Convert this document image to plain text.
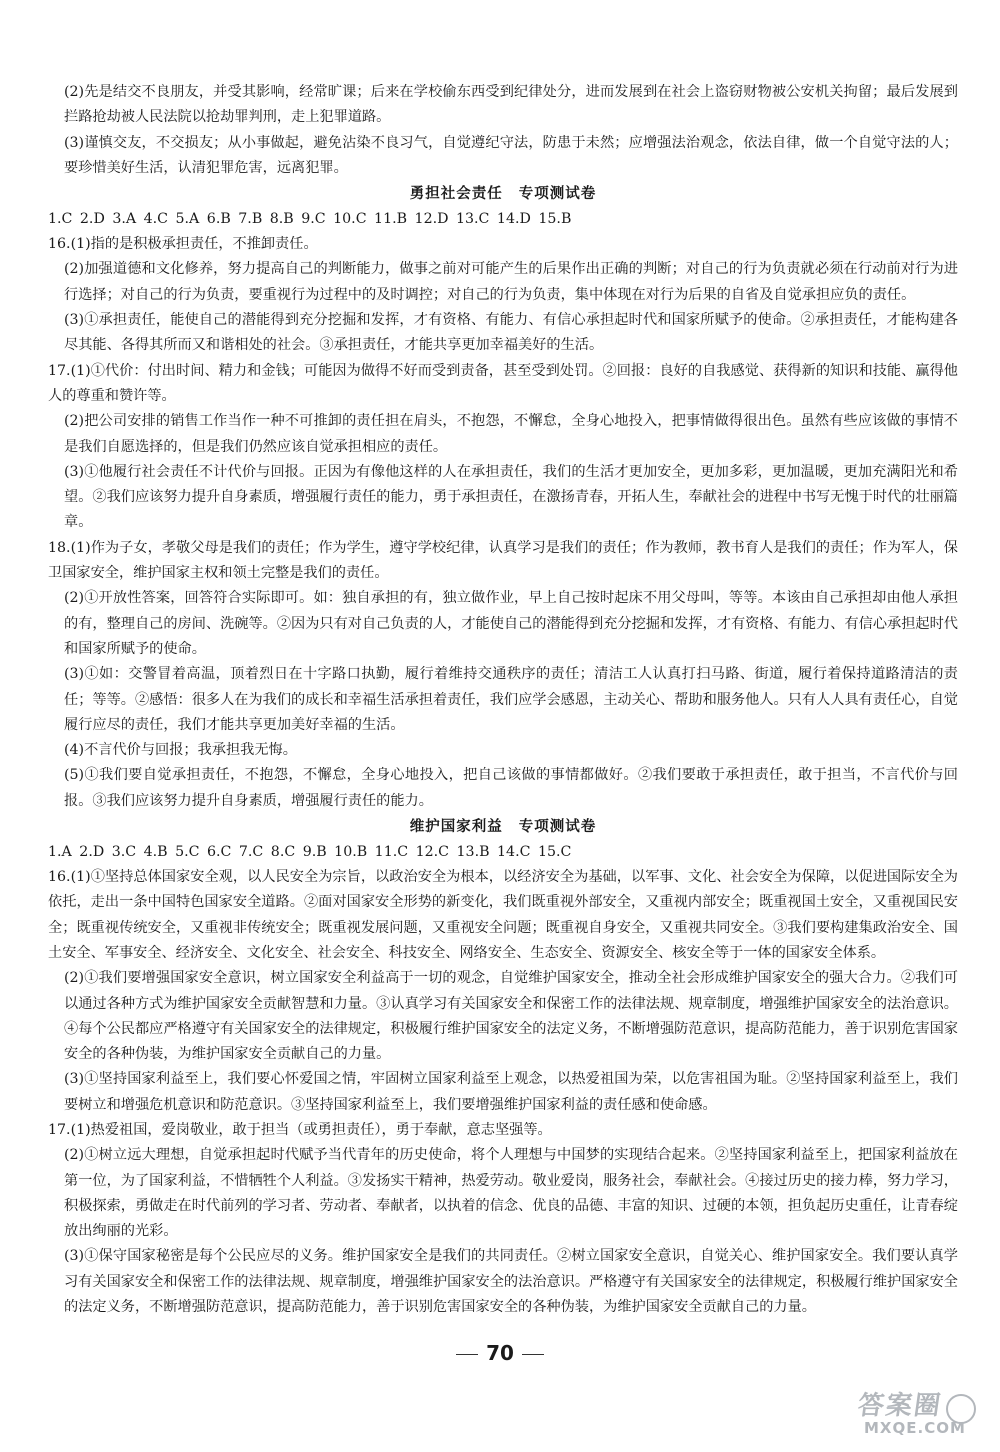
(2)先是结交不良朋友，并受其影响，经常旷课；后来在学校偷东西受到纪律处分，进而发展到在社会上盗窃财物被公安机关拘留；最后发展到拦路抢劫被人民法院以抢劫罪判刑，走上犯罪道路。

(3)谨慎交友，不交损友；从小事做起，避免沾染不良习气，自觉遵纪守法，防患于未然；应增强法治观念，依法自律，做一个自觉守法的人；要珍惜美好生活，认清犯罪危害，远离犯罪。

勇担社会责任 专项测试卷

1.C 2.D 3.A 4.C 5.A 6.B 7.B 8.B 9.C 10.C 11.B 12.D 13.C 14.D 15.B

16.(1)指的是积极承担责任，不推卸责任。

(2)加强道德和文化修养，努力提高自己的判断能力，做事之前对可能产生的后果作出正确的判断；对自己的行为负责就必须在行动前对行为进行选择；对自己的行为负责，要重视行为过程中的及时调控；对自己的行为负责，集中体现在对行为后果的自省及自觉承担应负的责任。

(3)①承担责任，能使自己的潜能得到充分挖掘和发挥，才有资格、有能力、有信心承担起时代和国家所赋予的使命。②承担责任，才能构建各尽其能、各得其所而又和谐相处的社会。③承担责任，才能共享更加幸福美好的生活。

17.(1)①代价：付出时间、精力和金钱；可能因为做得不好而受到责备，甚至受到处罚。②回报：良好的自我感觉、获得新的知识和技能、赢得他人的尊重和赞许等。

(2)把公司安排的销售工作当作一种不可推卸的责任担在肩头，不抱怨，不懈怠，全身心地投入，把事情做得很出色。虽然有些应该做的事情不是我们自愿选择的，但是我们仍然应该自觉承担相应的责任。

(3)①他履行社会责任不计代价与回报。正因为有像他这样的人在承担责任，我们的生活才更加安全，更加多彩，更加温暖，更加充满阳光和希望。②我们应该努力提升自身素质，增强履行责任的能力，勇于承担责任，在激扬青春，开拓人生，奉献社会的进程中书写无愧于时代的壮丽篇章。

18.(1)作为子女，孝敬父母是我们的责任；作为学生，遵守学校纪律，认真学习是我们的责任；作为教师，教书育人是我们的责任；作为军人，保卫国家安全，维护国家主权和领土完整是我们的责任。

(2)①开放性答案，回答符合实际即可。如：独自承担的有，独立做作业，早上自己按时起床不用父母叫，等等。本该由自己承担却由他人承担的有，整理自己的房间、洗碗等。②因为只有对自己负责的人，才能使自己的潜能得到充分挖掘和发挥，才有资格、有能力、有信心承担起时代和国家所赋予的使命。

(3)①如：交警冒着高温，顶着烈日在十字路口执勤，履行着维持交通秩序的责任；清洁工人认真打扫马路、街道，履行着保持道路清洁的责任；等等。②感悟：很多人在为我们的成长和幸福生活承担着责任，我们应学会感恩，主动关心、帮助和服务他人。只有人人具有责任心，自觉履行应尽的责任，我们才能共享更加美好幸福的生活。

(4)不言代价与回报；我承担我无悔。

(5)①我们要自觉承担责任，不抱怨，不懈怠，全身心地投入，把自己该做的事情都做好。②我们要敢于承担责任，敢于担当，不言代价与回报。③我们应该努力提升自身素质，增强履行责任的能力。

维护国家利益 专项测试卷

1.A 2.D 3.C 4.B 5.C 6.C 7.C 8.C 9.B 10.B 11.C 12.C 13.B 14.C 15.C

16.(1)①坚持总体国家安全观，以人民安全为宗旨，以政治安全为根本，以经济安全为基础，以军事、文化、社会安全为保障，以促进国际安全为依托，走出一条中国特色国家安全道路。②面对国家安全形势的新变化，我们既重视外部安全，又重视内部安全；既重视国土安全，又重视国民安全；既重视传统安全，又重视非传统安全；既重视发展问题，又重视安全问题；既重视自身安全，又重视共同安全。③我们要构建集政治安全、国土安全、军事安全、经济安全、文化安全、社会安全、科技安全、网络安全、生态安全、资源安全、核安全等于一体的国家安全体系。

(2)①我们要增强国家安全意识，树立国家安全利益高于一切的观念，自觉维护国家安全，推动全社会形成维护国家安全的强大合力。②我们可以通过各种方式为维护国家安全贡献智慧和力量。③认真学习有关国家安全和保密工作的法律法规、规章制度，增强维护国家安全的法治意识。④每个公民都应严格遵守有关国家安全的法律规定，积极履行维护国家安全的法定义务，不断增强防范意识，提高防范能力，善于识别危害国家安全的各种伪装，为维护国家安全贡献自己的力量。

(3)①坚持国家利益至上，我们要心怀爱国之情，牢固树立国家利益至上观念，以热爱祖国为荣，以危害祖国为耻。②坚持国家利益至上，我们要树立和增强危机意识和防范意识。③坚持国家利益至上，我们要增强维护国家利益的责任感和使命感。

17.(1)热爱祖国，爱岗敬业，敢于担当（或勇担责任），勇于奉献，意志坚强等。

(2)①树立远大理想，自觉承担起时代赋予当代青年的历史使命，将个人理想与中国梦的实现结合起来。②坚持国家利益至上，把国家利益放在第一位，为了国家利益，不惜牺牲个人利益。③发扬实干精神，热爱劳动。敬业爱岗，服务社会，奉献社会。④接过历史的接力棒，努力学习，积极探索，勇做走在时代前列的学习者、劳动者、奉献者，以执着的信念、优良的品德、丰富的知识、过硬的本领，担负起历史重任，让青春绽放出绚丽的光彩。

(3)①保守国家秘密是每个公民应尽的义务。维护国家安全是我们的共同责任。②树立国家安全意识，自觉关心、维护国家安全。我们要认真学习有关国家安全和保密工作的法律法规、规章制度，增强维护国家安全的法治意识。严格遵守有关国家安全的法律规定，积极履行维护国家安全的法定义务，不断增强防范意识，提高防范能力，善于识别危害国家安全的各种伪装，为维护国家安全贡献自己的力量。

70
答案圈
MXQE.COM
